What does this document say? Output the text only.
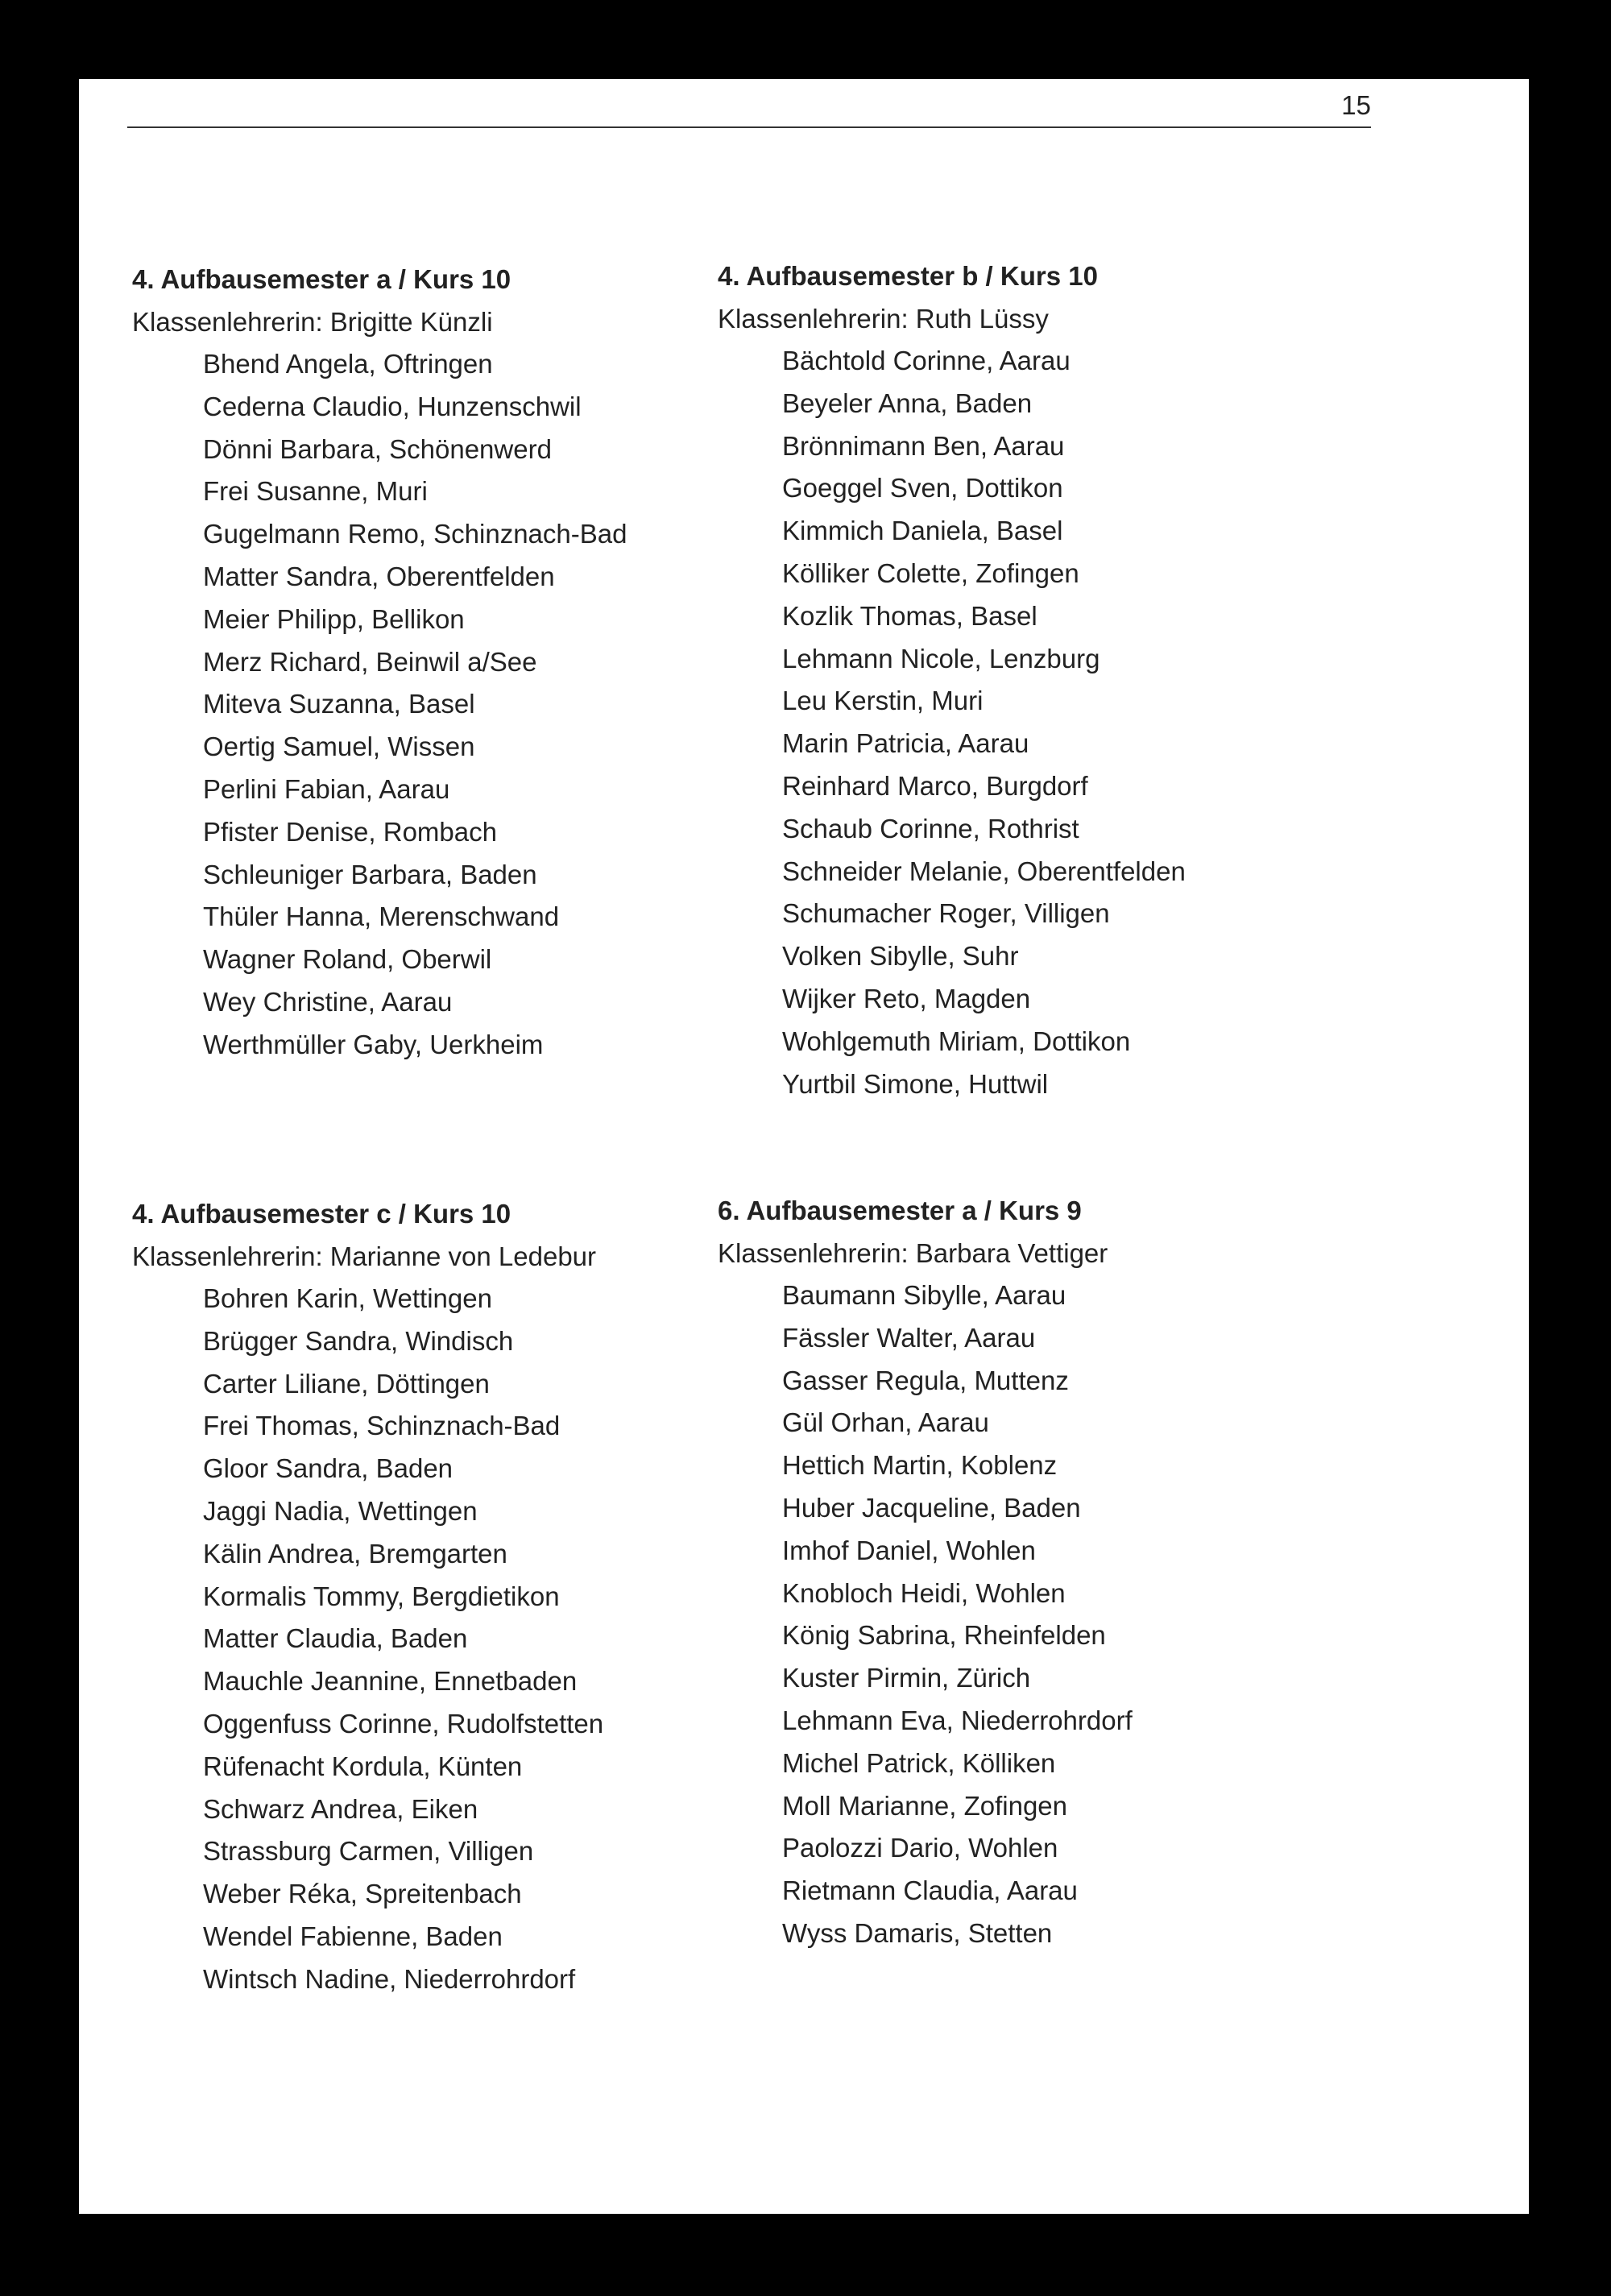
15
4. Aufbausemester a / Kurs 10
Klassenlehrerin: Brigitte Künzli
Bhend Angela, Oftringen
Cederna Claudio, Hunzenschwil
Dönni Barbara, Schönenwerd
Frei Susanne, Muri
Gugelmann Remo, Schinznach-Bad
Matter Sandra, Oberentfelden
Meier Philipp, Bellikon
Merz Richard, Beinwil a/See
Miteva Suzanna, Basel
Oertig Samuel, Wissen
Perlini Fabian, Aarau
Pfister Denise, Rombach
Schleuniger Barbara, Baden
Thüler Hanna, Merenschwand
Wagner Roland, Oberwil
Wey Christine, Aarau
Werthmüller Gaby, Uerkheim
4. Aufbausemester b / Kurs 10
Klassenlehrerin: Ruth Lüssy
Bächtold Corinne, Aarau
Beyeler Anna, Baden
Brönnimann Ben, Aarau
Goeggel Sven, Dottikon
Kimmich Daniela, Basel
Kölliker Colette, Zofingen
Kozlik Thomas, Basel
Lehmann Nicole, Lenzburg
Leu Kerstin, Muri
Marin Patricia, Aarau
Reinhard Marco, Burgdorf
Schaub Corinne, Rothrist
Schneider Melanie, Oberentfelden
Schumacher Roger, Villigen
Volken Sibylle, Suhr
Wijker Reto, Magden
Wohlgemuth Miriam, Dottikon
Yurtbil Simone, Huttwil
4. Aufbausemester c / Kurs 10
Klassenlehrerin: Marianne von Ledebur
Bohren Karin, Wettingen
Brügger Sandra, Windisch
Carter Liliane, Döttingen
Frei Thomas, Schinznach-Bad
Gloor Sandra, Baden
Jaggi Nadia, Wettingen
Kälin Andrea, Bremgarten
Kormalis Tommy, Bergdietikon
Matter Claudia, Baden
Mauchle Jeannine, Ennetbaden
Oggenfuss Corinne, Rudolfstetten
Rüfenacht Kordula, Künten
Schwarz Andrea, Eiken
Strassburg Carmen, Villigen
Weber Réka, Spreitenbach
Wendel Fabienne, Baden
Wintsch Nadine, Niederrohrdorf
6. Aufbausemester a / Kurs 9
Klassenlehrerin: Barbara Vettiger
Baumann Sibylle, Aarau
Fässler Walter, Aarau
Gasser Regula, Muttenz
Gül Orhan, Aarau
Hettich Martin, Koblenz
Huber Jacqueline, Baden
Imhof Daniel, Wohlen
Knobloch Heidi, Wohlen
König Sabrina, Rheinfelden
Kuster Pirmin, Zürich
Lehmann Eva, Niederrohrdorf
Michel Patrick, Kölliken
Moll Marianne, Zofingen
Paolozzi Dario, Wohlen
Rietmann Claudia, Aarau
Wyss Damaris, Stetten
